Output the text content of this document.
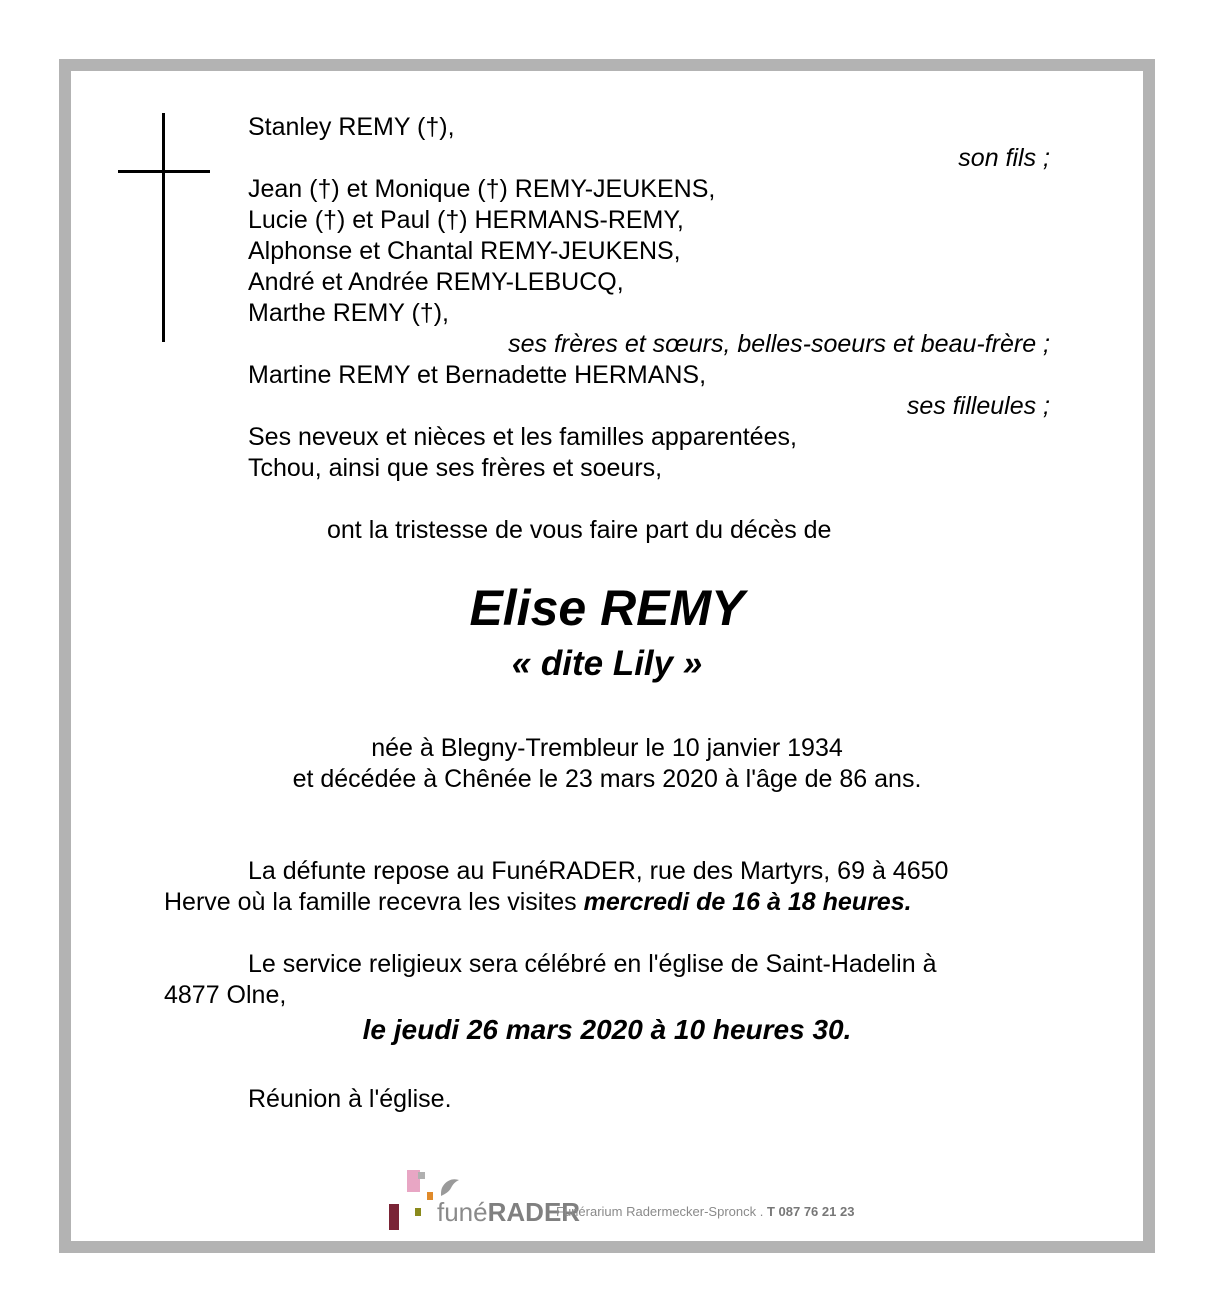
Stanley REMY (†),

son fils ;

Jean (†) et Monique (†) REMY-JEUKENS,

Lucie (†) et Paul (†) HERMANS-REMY,

Alphonse et Chantal REMY-JEUKENS,

André et Andrée REMY-LEBUCQ,

Marthe REMY (†),

ses frères et sœurs, belles-soeurs et beau-frère ;

Martine REMY et Bernadette HERMANS,

ses filleules ;

Ses neveux et nièces et les familles apparentées,

Tchou, ainsi que ses frères et soeurs,

ont la tristesse de vous faire part du décès de

Elise REMY

« dite Lily »

née à Blegny-Trembleur le 10 janvier 1934

et décédée à Chênée le 23 mars 2020 à l'âge de 86 ans.

La défunte repose au FunéRADER, rue des Martyrs, 69 à 4650

Herve où la famille recevra les visites mercredi de 16 à 18 heures.

Le service religieux sera célébré en l'église de Saint-Hadelin à

4877 Olne,

le jeudi 26 mars 2020 à 10 heures 30.

Réunion à l'église.

funéRADER
Funérarium Radermecker-Spronck . T 087 76 21 23
